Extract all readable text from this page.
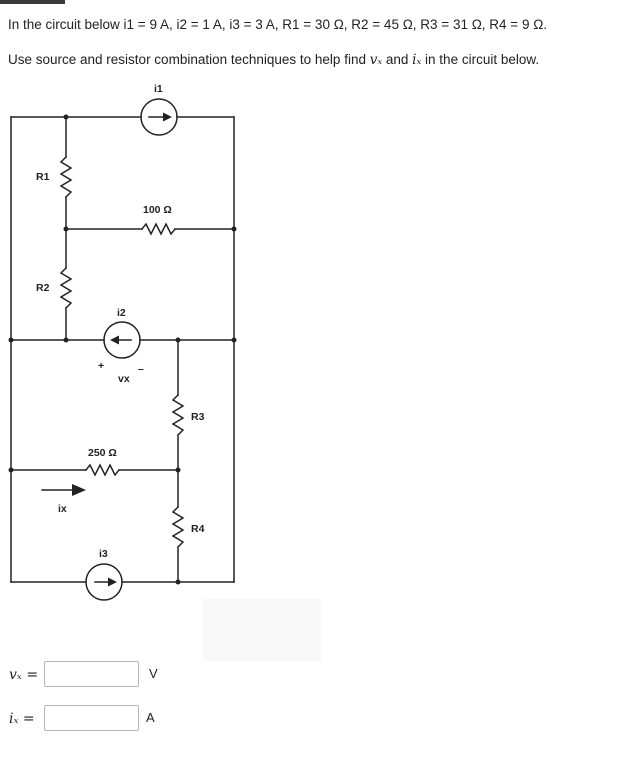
In the circuit below i1 = 9 A, i2 = 1 A, i3 = 3 A, R1 = 30 Ω, R2 = 45 Ω, R3 = 31 Ω, R4 = 9 Ω.
Use source and resistor combination techniques to help find vₓ and iₓ in the circuit below.
i1
i2
i3
R1
R2
R3
R4
100 Ω
250 Ω
+	–
vx
ix
vₓ =	V
iₓ =	A
